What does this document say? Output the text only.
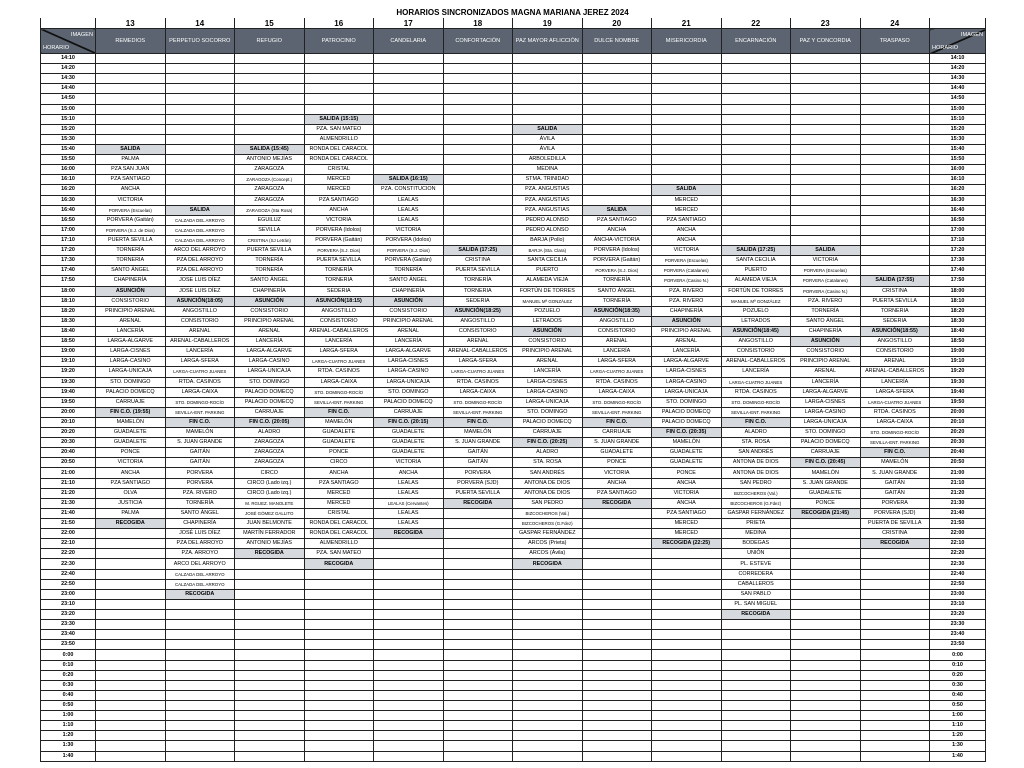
HORARIOS SINCRONIZADOS MAGNA MARIANA JEREZ 2024
	13	14	15	16	17	18	19	20	21	22	23	24	

IMAGEN
HORARIO	REMEDIOS	PERPETUO SOCORRO	REFUGIO	PATROCINIO	CANDELARIA	CONFORTACIÓN	PAZ MAYOR AFLICCIÓN	DULCE NOMBRE	MISERICORDIA	ENCARNACIÓN	PAZ Y CONCORDIA	TRASPASO	IMAGEN
HORARIO

14:10													14:10
14:20													14:20
14:30													14:30
14:40													14:40
14:50													14:50
15:00													15:00
15:10				SALIDA (15:15)									15:10
15:20				PZA. SAN MATEO			SALIDA						15:20
15:30				ALMENDRILLO			ÁVILA						15:30
15:40	SALIDA		SALIDA (15:45)	RONDA DEL CARACOL			ÁVILA						15:40
15:50	PALMA		ANTONIO MEJÍAS	RONDA DEL CARACOL			ARBOLEDILLA						15:50
16:00	PZA SAN JUAN		ZARAGOZA	CRISTAL			MEDINA						16:00
16:10	PZA SANTIAGO		ZARAGOZA (Concept.)	MERCED	SALIDA (16:15)		STMA. TRINIDAD						16:10
16:20	ANCHA		ZARAGOZA	MERCED	PZA. CONSTITUCION		PZA. ANGUSTIAS		SALIDA				16:20
16:30	VICTORIA		ZARAGOZA	PZA SANTIAGO	LEALAS		PZA. ANGUSTIAS		MERCED				16:30
16:40	PORVERA (Escuelas)	SALIDA	ZARAGOZA (Sta Rosa)	ANCHA	LEALAS		PZA. ANGUSTIAS	SALIDA	MERCED				16:40
16:50	PORVERA (Gaitán)	CALZADA DEL ARROYO	EGUILUZ	VICTORIA	LEALAS		PEDRO ALONSO	PZA SANTIAGO	PZA SANTIAGO				16:50
17:00	PORVERA (S.J. de Dios)	CALZADA DEL ARROYO	SEVILLA	PORVERA (Idolos)	VICTORIA		PEDRO ALONSO	ANCHA	ANCHA				17:00
17:10	PUERTA SEVILLA	CALZADA DEL ARROYO	CRISTINA (SJ Letrán)	PORVERA (Gaitán)	PORVERA (Idolos)		BARJA (Pollo)	ÁNCHA-VICTORIA	ANCHA				17:10
17:20	TORNERÍA	ARCO DEL ARROYO	PUERTA SEVILLA	PORVERA (S.J. Dios)	PORVERA (S.J. Dios)	SALIDA (17:25)	BARJA (Sta. Clara)	PORVERA (Idolos)	VICTORIA	SALIDA (17:25)	SALIDA		17:20
17:30	TORNERIA	PZA DEL ARROYO	TORNERÍA	PUERTA SEVILLA	PORVERA (Gaitán)	CRISTINA	SANTA CECILIA	PORVERA (Gaitán)	PORVERA (Escuelas)	SANTA CECILIA	VICTORIA		17:30
17:40	SANTO ÁNGEL	PZA DEL ARROYO	TORNERÍA	TORNERÍA	TORNERÍA	PUERTA SEVILLA	PUERTO	PORVERA (S.J. Dios)	PORVERA (Catalanes)	PUERTO	PORVERA (Escuelas)		17:40
17:50	CHAPINERÍA	JOSE LUIS DÍEZ	SANTO ÁNGEL	TORNERIA	SANTO ÁNGEL	TORNERÍA	ALAMEDA VIEJA	TORNERÍA	PORVERA (Casino N.)	ALAMEDA VIEJA	PORVERA (Catalanes)	SALIDA (17:55)	17:50
18:00	ASUNCIÓN	JOSE LUIS DÍEZ	CHAPINERÍA	SEDERIA	CHAPINERÍA	TORNERIA	FORTÚN DE TORRES	SANTO ÁNGEL	PZA. RIVERO	FORTÚN DE TORRES	PORVERA (Casino N.)	CRISTINA	18:00
18:10	CONSISTORIO	ASUNCIÓN(18:05)	ASUNCIÓN	ASUNCIÓN(18:15)	ASUNCIÓN	SEDERIA	MANUEL Mª GONZÁLEZ	TORNERÍA	PZA. RIVERO	MANUEL Mª GONZÁLEZ	PZA. RIVERO	PUERTA SEVILLA	18:10
18:20	PRINCIPIO ARENAL	ANGOSTILLO	CONSISTORIO	ANGOSTILLO	CONSISTORIO	ASUNCIÓN(18:25)	POZUELO	ASUNCIÓN(18:35)	CHAPINERÍA	POZUELO	TORNERÍA	TORNERIA	18:20
18:30	ARENAL	CONSISTORIO	PRINCIPIO ARENAL	CONSISTORIO	PRINCIPIO ARENAL	ANGOSTILLO	LETRADOS	ANGOSTILLO	ASUNCIÓN	LETRADOS	SANTO ÁNGEL	SEDERIA	18:30
18:40	LANCERÍA	ARENAL	ARENAL	ARENAL-CABALLEROS	ARENAL	CONSISTORIO	ASUNCIÓN	CONSISTORIO	PRINCIPIO ARENAL	ASUNCIÓN(18:45)	CHAPINERÍA	ASUNCIÓN(18:55)	18:40
18:50	LARGA-ALGARVE	ARENAL-CABALLEROS	LANCERÍA	LANCERÍA	LANCERÍA	ARENAL	CONSISTORIO	ARENAL	ARENAL	ANGOSTILLO	ASUNCIÓN	ANGOSTILLO	18:50
19:00	LARGA-CISNES	LANCERÍA	LARGA-ALGARVE	LARGA-SFERA	LARGA-ALGARVE	ARENAL-CABALLEROS	PRINCIPIO ARENAL	LANCERÍA	LANCERÍA	CONSISTORIO	CONSISTORIO	CONSISTORIO	19:00
19:10	LARGA-CASINO	LARGA-SFERA	LARGA-CASINO	LARGA-CUATRO JUANES	LARGA-CISNES	LARGA-SFERA	ARENAL	LARGA-SFERA	LARGA-ALGARVE	ARENAL-CABALLEROS	PRINCIPIO ARENAL	ARENAL	19:10
19:20	LARGA-UNICAJA	LARGA-CUATRO JUANES	LARGA-UNICAJA	RTDA. CASINOS	LARGA-CASINO	LARGA-CUATRO JUANES	LANCERÍA	LARGA-CUATRO JUANES	LARGA-CISNES	LANCERÍA	ARENAL	ARENAL-CABALLEROS	19:20
19:30	STO. DOMINGO	RTDA. CASINOS	STO. DOMINGO	LARGA-CAIXA	LARGA-UNICAJA	RTDA. CASINOS	LARGA-CISNES	RTDA. CASINOS	LARGA-CASINO	LARGA-CUATRO JUANES	LANCERÍA	LANCERÍA	19:30
19:40	PALACIO DOMECQ	LARGA-CAIXA	PALACIO DOMECQ	STO. DOMINGO-ROCÍO	STO. DOMINGO	LARGA-CAIXA	LARGA-CASINO	LARGA-CAIXA	LARGA-UNICAJA	RTDA. CASINOS	LARGA-ALGARVE	LARGA-SFERA	19:40
19:50	CARRUAJE	STO. DOMINGO-ROCÍO	PALACIO DOMECQ	SEVILLA-ENT. PARKING	PALACIO DOMECQ	STO. DOMINGO-ROCÍO	LARGA-UNICAJA	STO. DOMINGO-ROCÍO	STO. DOMINGO	STO. DOMINGO-ROCÍO	LARGA-CISNES	LARGA-CUATRO JUANES	19:50
20:00	FIN C.O. (19:55)	SEVILLA-ENT. PARKING	CARRUAJE	FIN C.O.	CARRUAJE	SEVILLA-ENT. PARKING	STO. DOMINGO	SEVILLA-ENT. PARKING	PALACIO DOMECQ	SEVILLA-ENT. PARKING	LARGA-CASINO	RTDA. CASINOS	20:00
20:10	MAMELÓN	FIN C.O.	FIN C.O. (20:05)	MAMELÓN	FIN C.O. (20:15)	FIN C.O.	PALACIO DOMECQ	FIN C.O.	PALACIO DOMECQ	FIN C.O.	LARGA-UNICAJA	LARGA-CAIXA	20:10
20:20	GUADALETE	MAMELÓN	ALADRO	GUADALETE	GUADALETE	MAMELÓN	CARRUAJE	CARRUAJE	FIN C.O. (20:35)	ALADRO	STO. DOMINGO	STO. DOMINGO-ROCÍO	20:20
20:30	GUADALETE	S. JUAN GRANDE	ZARAGOZA	GUADALETE	GUADALETE	S. JUAN GRANDE	FIN C.O. (20:25)	S. JUAN GRANDE	MAMELÓN	STA. ROSA	PALACIO DOMECQ	SEVILLA-ENT. PARKING	20:30
20:40	PONCE	GAITÁN	ZARAGOZA	PONCE	GUADALETE	GAITÁN	ALADRO	GUADALETE	GUADALETE	SAN ANDRÉS	CARRUAJE	FIN C.O.	20:40
20:50	VICTORIA	GAITÁN	ZARAGOZA	CIRCO	VICTORIA	GAITÁN	STA. ROSA	PONCE	GUADALETE	ANTONA DE DIOS	FIN C.O. (20:45)	MAMELÓN	20:50
21:00	ANCHA	PORVERA	CIRCO	ANCHA	ANCHA	PORVERA	SAN ANDRÉS	VICTORIA	PONCE	ANTONA DE DIOS	MAMELÓN	S. JUAN GRANDE	21:00
21:10	PZA SANTIAGO	PORVERA	CIRCO (Lado izq.)	PZA SANTIAGO	LEALAS	PORVERA (SJD)	ANTONA DE DIOS	ANCHA	ANCHA	SAN PEDRO	S. JUAN GRANDE	GAITÁN	21:10
21:20	OLVA	PZA. RIVERO	CIRCO (Lado izq.)	MERCED	LEALAS	PUERTA SEVILLA	ANTONA DE DIOS	PZA SANTIAGO	VICTORIA	BIZCOCHEROS (Val.)	GUADALETE	GAITÁN	21:20
21:30	JUSTICIA	TORNERÍA	M. RGUEZ. MANOLETE	MERCED	LEALAS (Cervantes)	RECOGIDA	SAN PEDRO	RECOGIDA	ANCHA	BIZCOCHEROS (G.Fdez)	PONCE	PORVERA	21:30
21:40	PALMA	SANTO ÁNGEL	JOSÉ GÓMEZ GALLITO	CRISTAL	LEALAS		BIZCOCHEROS (Val.)		PZA SANTIAGO	GASPAR FERNÁNDEZ	RECOGIDA (21:45)	PORVERA (SJD)	21:40
21:50	RECOGIDA	CHAPINERÍA	JUAN BELMONTE	RONDA DEL CARACOL	LEALAS		BIZCOCHEROS (G.Fdez)		MERCED	PRIETA		PUERTA DE SEVILLA	21:50
22:00		JOSÉ LUIS DÍEZ	MARTÍN FERRADOR	RONDA DEL CARACOL	RECOGIDA		GASPAR FERNÁNDEZ		MERCED	MEDINA		CRISTINA	22:00
22:10		PZA DEL ARROYO	ANTONIO MEJÍAS	ALMENDRILLO			ARCOS (Prieta)		RECOGIDA (22:25)	BODEGAS		RECOGIDA	22:10
22:20		PZA. ARROYO	RECOGIDA	PZA. SAN MATEO			ARCOS (Ávila)			UNIÓN			22:20
22:30		ARCO DEL ARROYO		RECOGIDA			RECOGIDA			PL. ESTEVE			22:30
22:40		CALZADA DEL ARROYO								CORREDERA			22:40
22:50		CALZADA DEL ARROYO								CABALLEROS			22:50
23:00		RECOGIDA								SAN PABLO			23:00
23:10										PL. SAN MIGUEL			23:10
23:20										RECOGIDA			23:20
23:30													23:30
23:40													23:40
23:50													23:50
0:00													0:00
0:10													0:10
0:20													0:20
0:30													0:30
0:40													0:40
0:50													0:50
1:00													1:00
1:10													1:10
1:20													1:20
1:30													1:30
1:40													1:40
